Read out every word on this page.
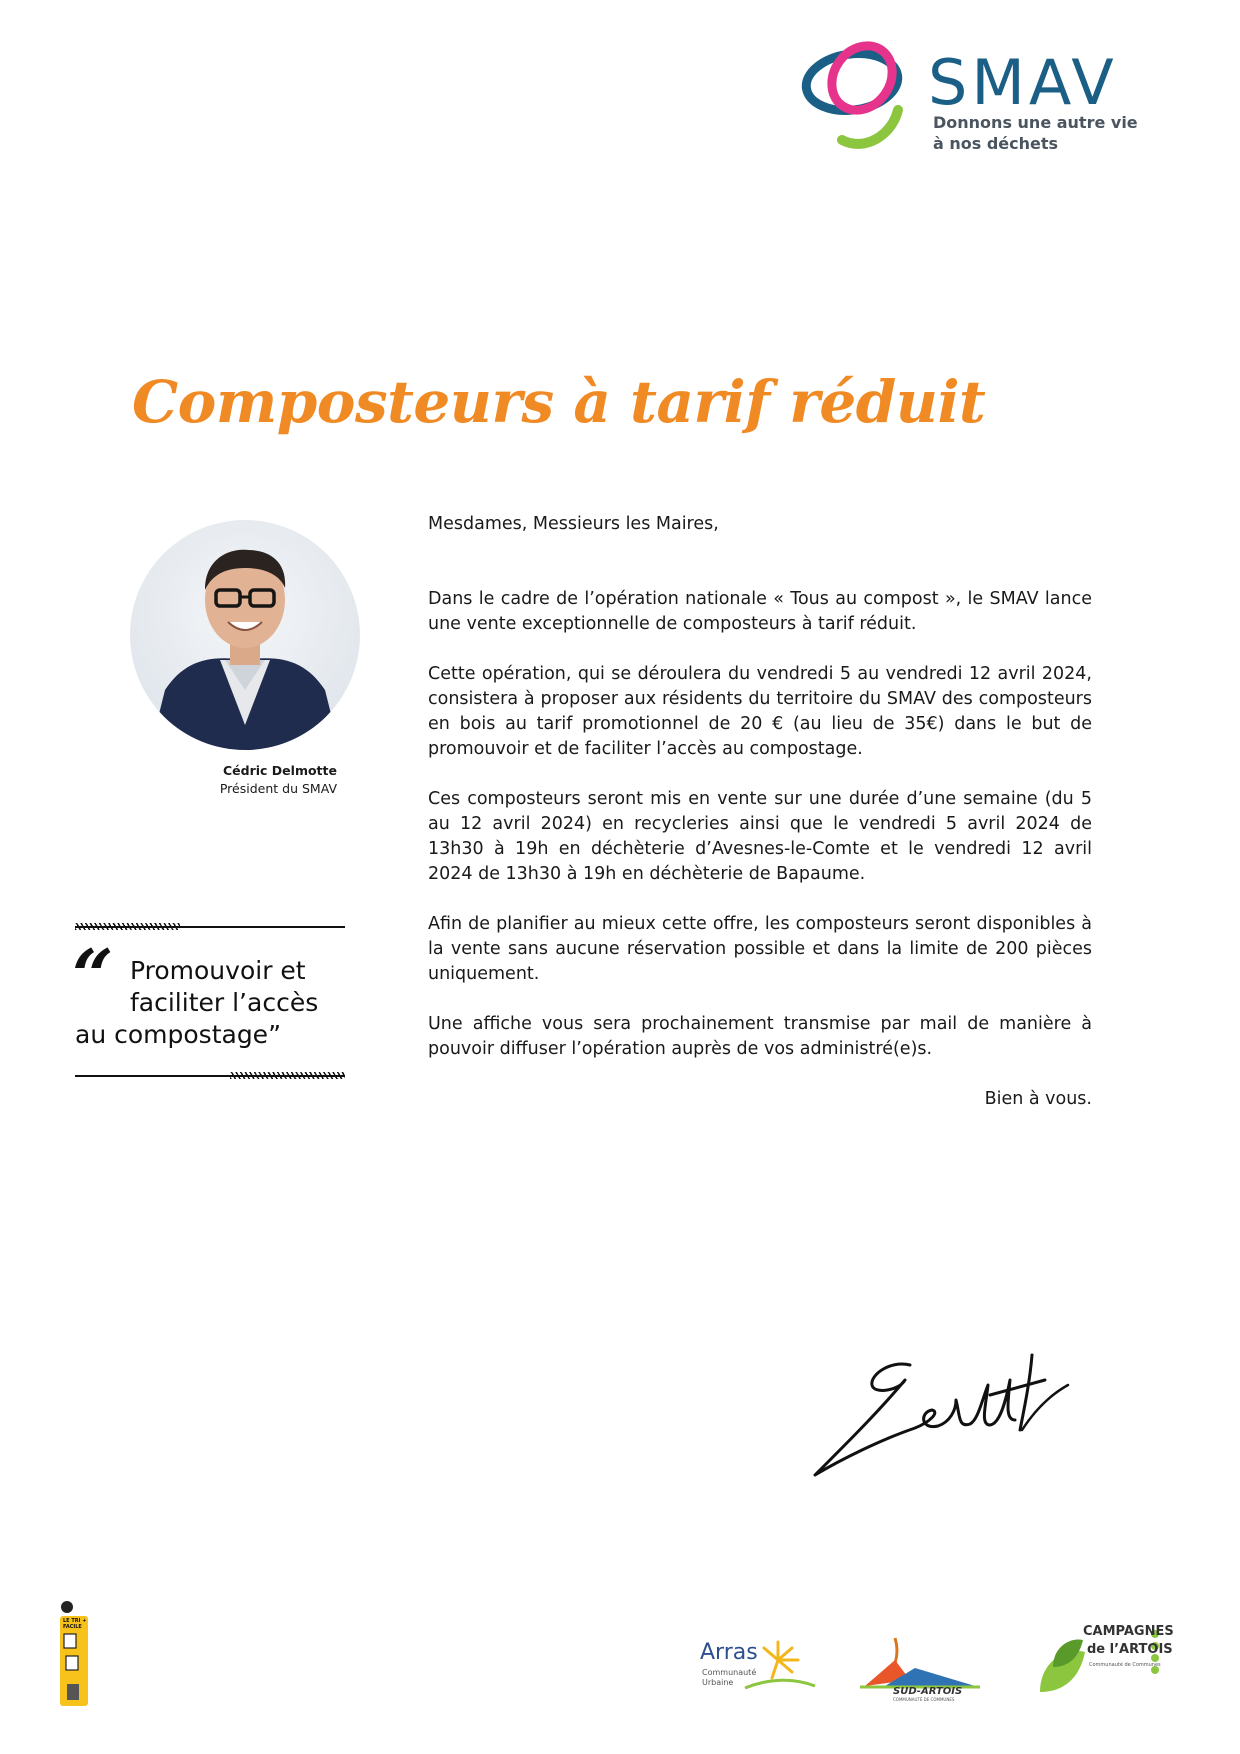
SMAV
Donnons une autre vie
à nos déchets
Composteurs à tarif réduit
Cédric Delmotte
Président du SMAV
“ Promouvoir et
faciliter l’accès
au compostage”

Mesdames, Messieurs les Maires,

Dans le cadre de l’opération nationale « Tous au compost », le SMAV lance une vente exceptionnelle de composteurs à tarif réduit.

Cette opération, qui se déroulera du vendredi 5 au vendredi 12 avril 2024, consistera à proposer aux résidents du territoire du SMAV des composteurs en bois au tarif promotionnel de 20 € (au lieu de 35€) dans le but de promouvoir et de faciliter l’accès au compostage.

Ces composteurs seront mis en vente sur une durée d’une semaine (du 5 au 12 avril 2024) en recycleries ainsi que le vendredi 5 avril 2024 de 13h30 à 19h en déchèterie d’Avesnes-le-Comte et le vendredi 12 avril 2024 de 13h30 à 19h en déchèterie de Bapaume.

Afin de planifier au mieux cette offre, les composteurs seront disponibles à la vente sans aucune réservation possible et dans la limite de 200 pièces uniquement.

Une affiche vous sera prochainement transmise par mail de manière à pouvoir diffuser l’opération auprès de vos administré(e)s.

Bien à vous.

LE TRI + FACILE
Arras
Communauté
Urbaine
SUD-ARTOIS
COMMUNAUTÉ DE COMMUNES
CAMPAGNES
de l’ARTOIS
Communauté de Communes
